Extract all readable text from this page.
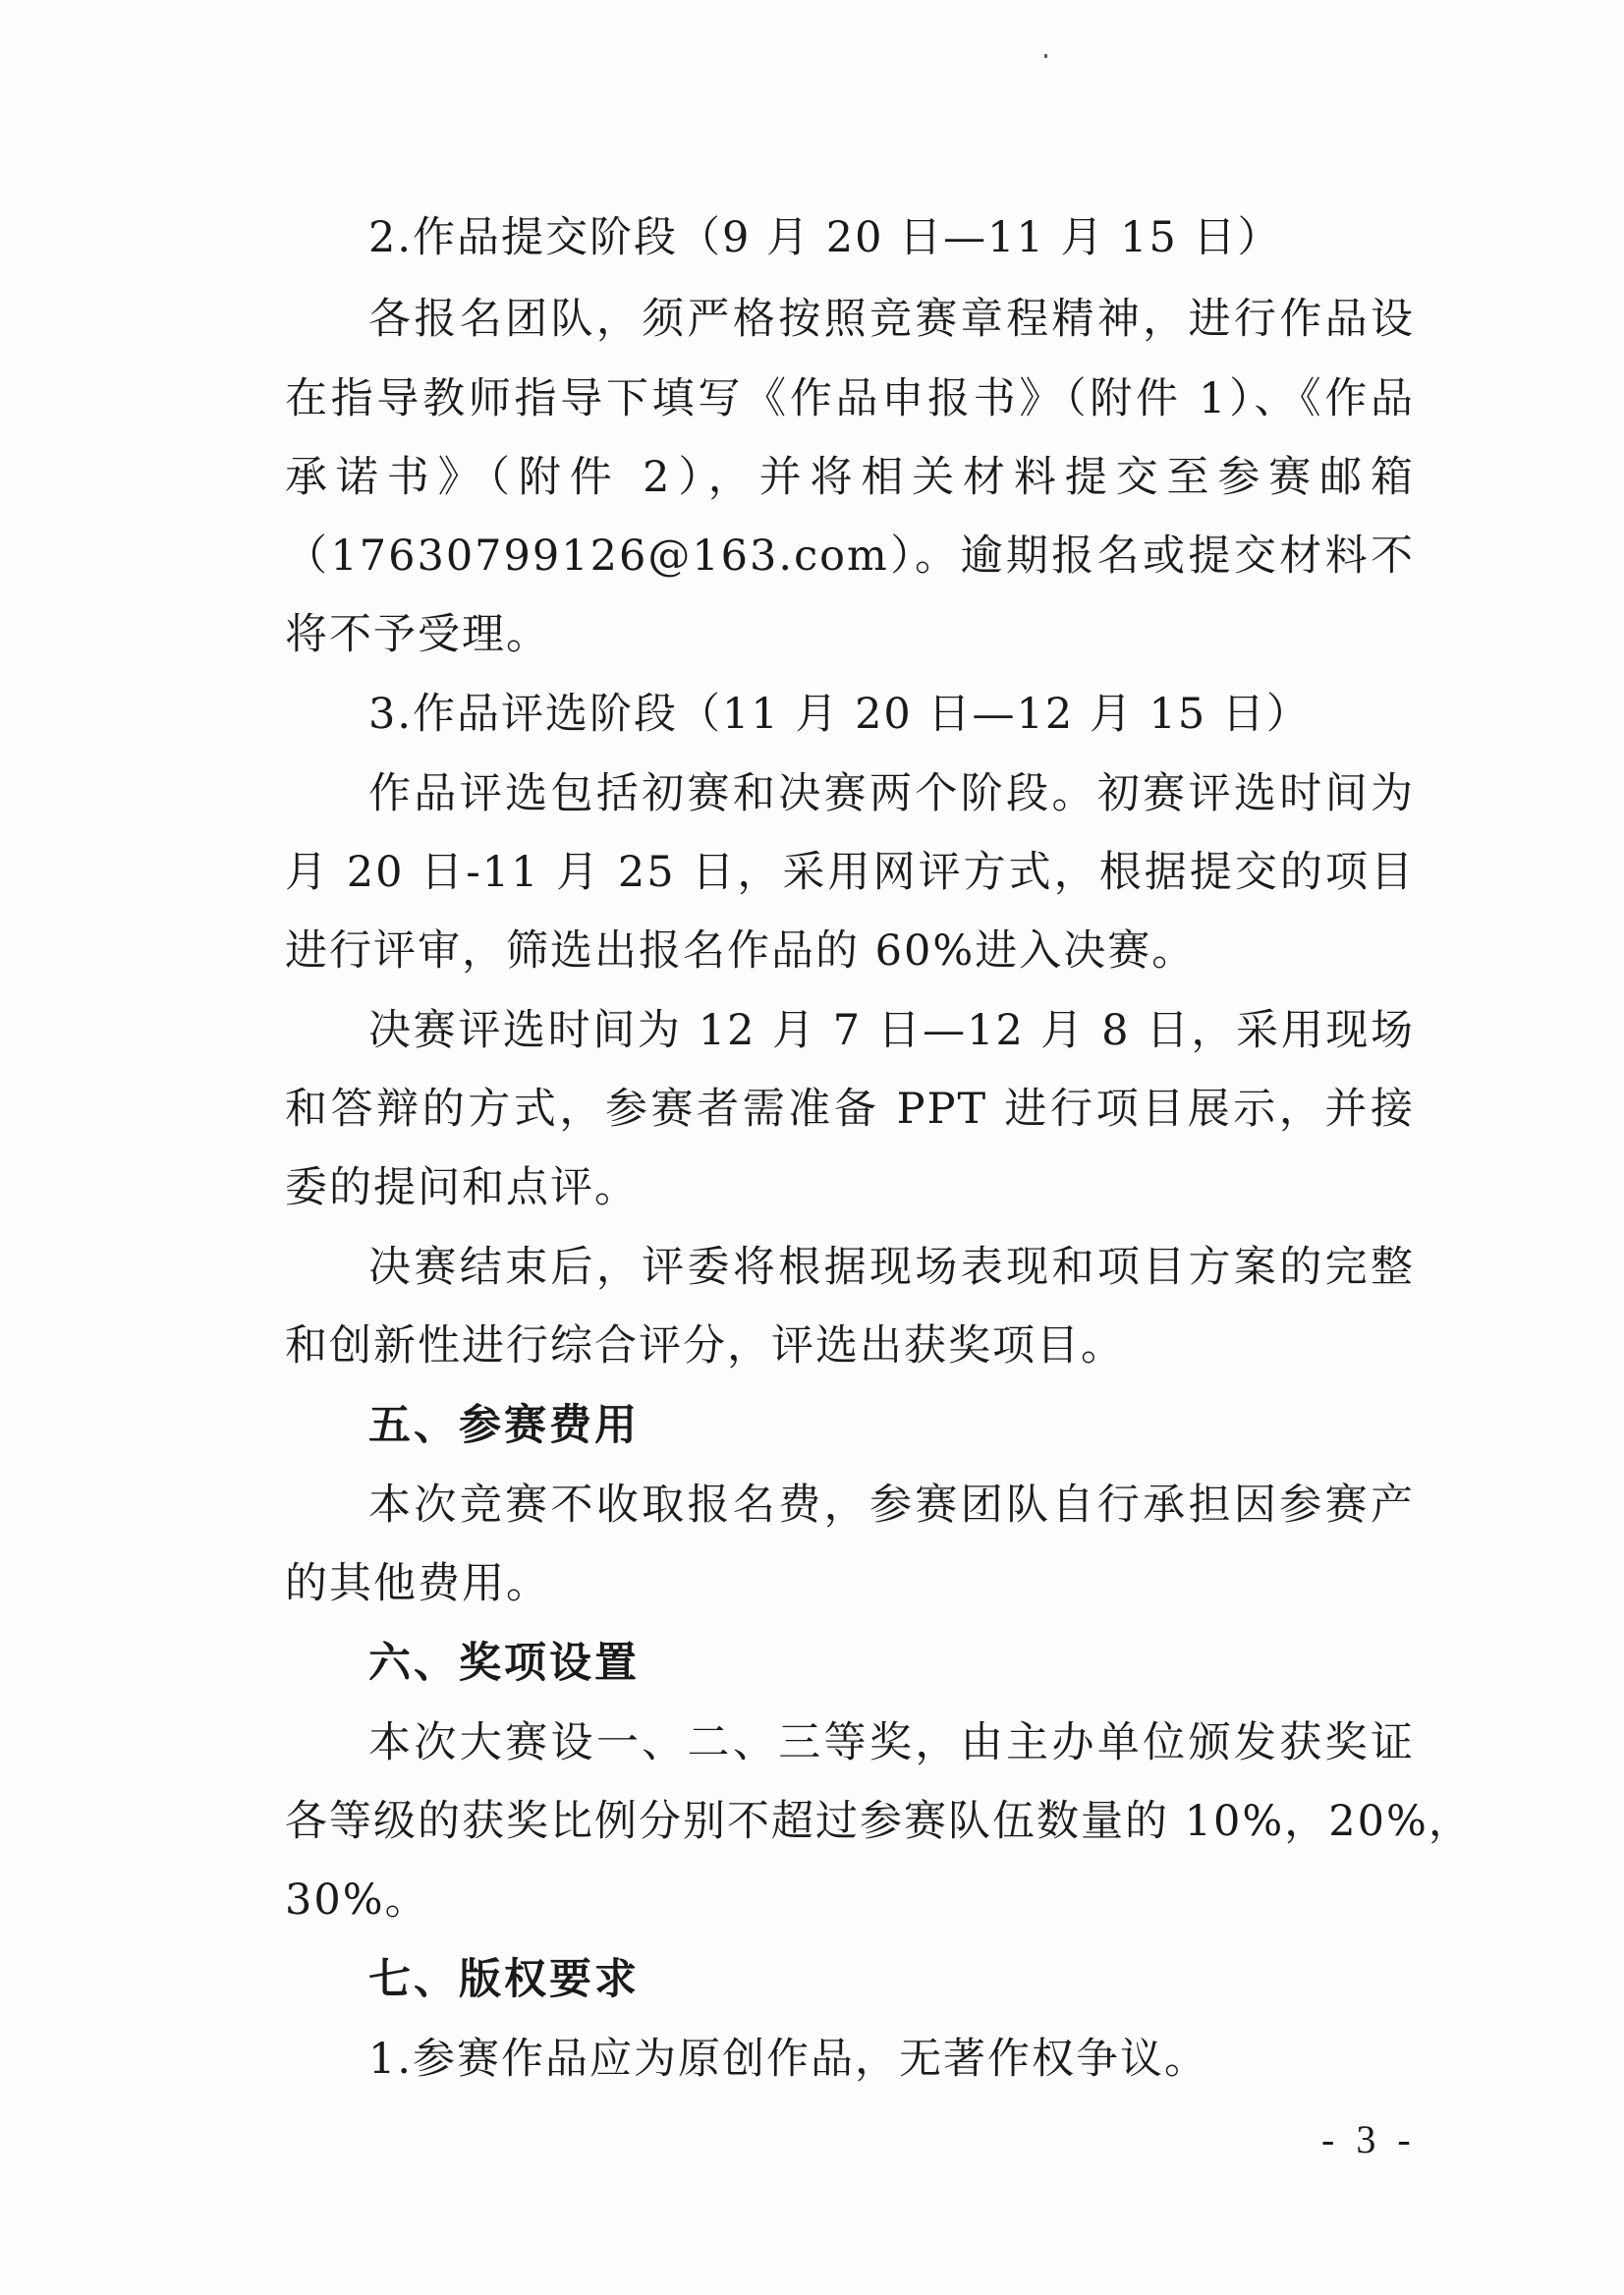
2.作品提交阶段（9 月 20 日—11 月 15 日）

各报名团队，须严格按照竞赛章程精神，进行作品设

在指导教师指导下填写《作品申报书》（附件 1）、《作品

承诺书》（附件 2），并将相关材料提交至参赛邮箱

（17630799126@163.com）。逾期报名或提交材料不

将不予受理。

3.作品评选阶段（11 月 20 日—12 月 15 日）

作品评选包括初赛和决赛两个阶段。初赛评选时间为

月 20 日-11 月 25 日，采用网评方式，根据提交的项目

进行评审，筛选出报名作品的 60%进入决赛。

决赛评选时间为 12 月 7 日—12 月 8 日，采用现场

和答辩的方式，参赛者需准备 PPT 进行项目展示，并接

委的提问和点评。

决赛结束后，评委将根据现场表现和项目方案的完整

和创新性进行综合评分，评选出获奖项目。

五、参赛费用

本次竞赛不收取报名费，参赛团队自行承担因参赛产

的其他费用。

六、奖项设置

本次大赛设一、二、三等奖，由主办单位颁发获奖证

各等级的获奖比例分别不超过参赛队伍数量的 10%，20%，

30%。

七、版权要求

1.参赛作品应为原创作品，无著作权争议。

- 3 -
